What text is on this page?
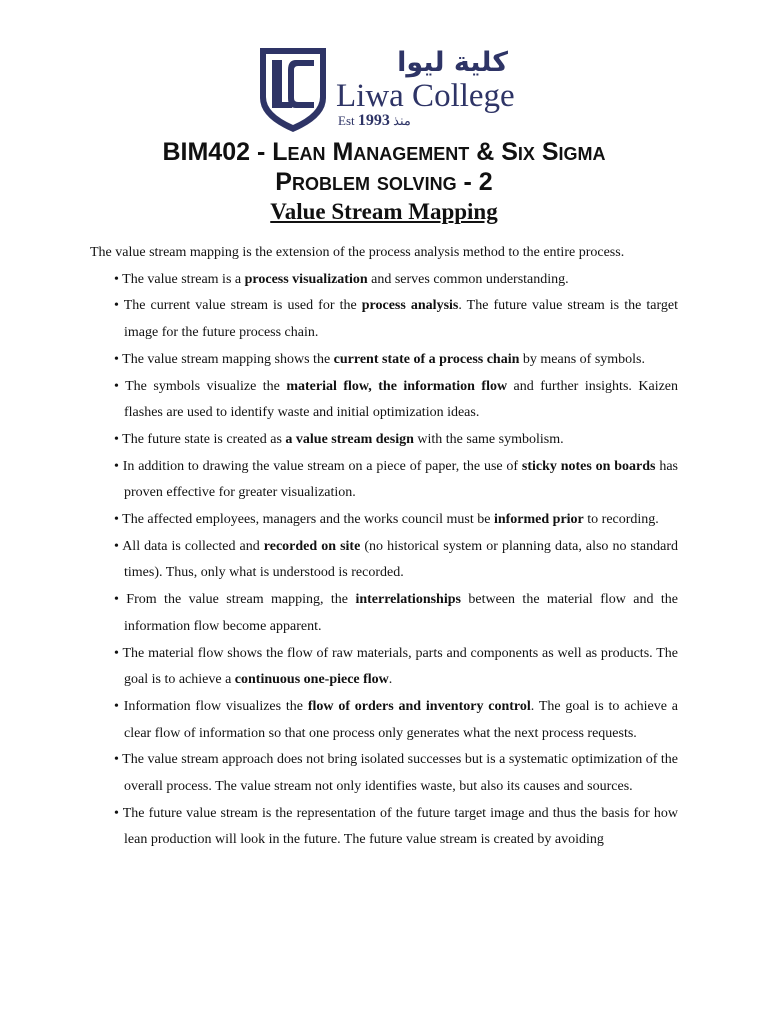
كلية ليوا
Liwa College
Est 1993 منذ
BIM402 - Lean Management & Six Sigma
Problem solving - 2
Value Stream Mapping

The value stream mapping is the extension of the process analysis method to the entire process.

• The value stream is a process visualization and serves common understanding.

• The current value stream is used for the process analysis. The future value stream is the target image for the future process chain.

• The value stream mapping shows the current state of a process chain by means of symbols.

• The symbols visualize the material flow, the information flow and further insights. Kaizen flashes are used to identify waste and initial optimization ideas.

• The future state is created as a value stream design with the same symbolism.

• In addition to drawing the value stream on a piece of paper, the use of sticky notes on boards has proven effective for greater visualization.

• The affected employees, managers and the works council must be informed prior to recording.

• All data is collected and recorded on site (no historical system or planning data, also no standard times). Thus, only what is understood is recorded.

• From the value stream mapping, the interrelationships between the material flow and the information flow become apparent.

• The material flow shows the flow of raw materials, parts and components as well as products. The goal is to achieve a continuous one-piece flow.

• Information flow visualizes the flow of orders and inventory control. The goal is to achieve a clear flow of information so that one process only generates what the next process requests.

• The value stream approach does not bring isolated successes but is a systematic optimization of the overall process. The value stream not only identifies waste, but also its causes and sources.

• The future value stream is the representation of the future target image and thus the basis for how lean production will look in the future. The future value stream is created by avoiding
